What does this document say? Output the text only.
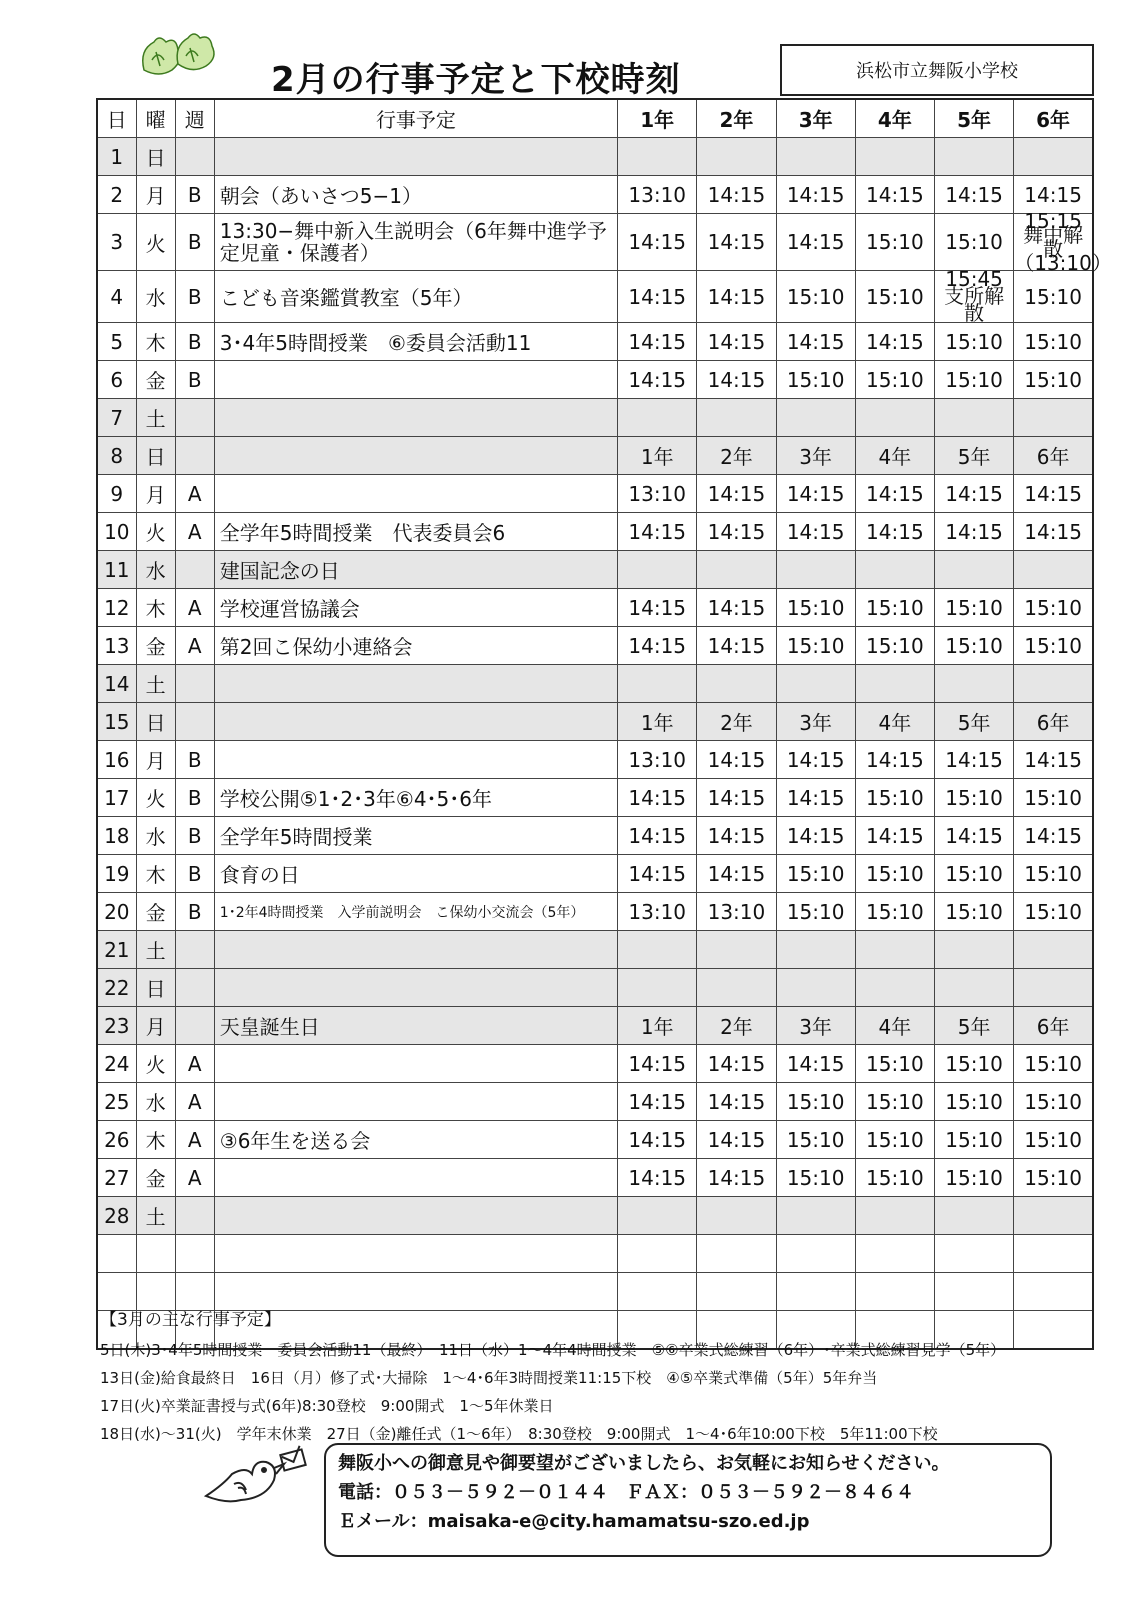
2月の行事予定と下校時刻	浜松市立舞阪小学校
日	曜	週	行事予定	1年	2年	3年	4年	5年	6年
1	日								
2	月	B	朝会（あいさつ5−1）	13:10	14:15	14:15	14:15	14:15	14:15
3	火	B	13:30−舞中新入生説明会（6年舞中進学予定児童・保護者）	14:15	14:15	14:15	15:10	15:10	15:15 舞中解散 （13:10）
4	水	B	こども音楽鑑賞教室（5年）	14:15	14:15	15:10	15:10	15:45 支所解散	15:10
5	木	B	3･4年5時間授業　⑥委員会活動11	14:15	14:15	14:15	14:15	15:10	15:10
6	金	B		14:15	14:15	15:10	15:10	15:10	15:10
7	土								
8	日			1年	2年	3年	4年	5年	6年
9	月	A		13:10	14:15	14:15	14:15	14:15	14:15
10	火	A	全学年5時間授業　代表委員会6	14:15	14:15	14:15	14:15	14:15	14:15
11	水		建国記念の日						
12	木	A	学校運営協議会	14:15	14:15	15:10	15:10	15:10	15:10
13	金	A	第2回こ保幼小連絡会	14:15	14:15	15:10	15:10	15:10	15:10
14	土								
15	日			1年	2年	3年	4年	5年	6年
16	月	B		13:10	14:15	14:15	14:15	14:15	14:15
17	火	B	学校公開⑤1･2･3年⑥4･5･6年	14:15	14:15	14:15	15:10	15:10	15:10
18	水	B	全学年5時間授業	14:15	14:15	14:15	14:15	14:15	14:15
19	木	B	食育の日	14:15	14:15	15:10	15:10	15:10	15:10
20	金	B	1･2年4時間授業　入学前説明会　こ保幼小交流会（5年）	13:10	13:10	15:10	15:10	15:10	15:10
21	土								
22	日								
23	月		天皇誕生日	1年	2年	3年	4年	5年	6年
24	火	A		14:15	14:15	14:15	15:10	15:10	15:10
25	水	A		14:15	14:15	15:10	15:10	15:10	15:10
26	木	A	③6年生を送る会	14:15	14:15	15:10	15:10	15:10	15:10
27	金	A		14:15	14:15	15:10	15:10	15:10	15:10
28	土								

【3月の主な行事予定】
5日(木)3･4年5時間授業　委員会活動11（最終）　11日（水）1～4年4時間授業　⑤⑥卒業式総練習（6年）･卒業式総練習見学（5年）
13日(金)給食最終日　16日（月）修了式･大掃除　1～4･6年3時間授業11:15下校　④⑤卒業式準備（5年）5年弁当
17日(火)卒業証書授与式(6年)8:30登校　9:00開式　1～5年休業日
18日(水)～31(火)　学年末休業　27日（金)離任式（1～6年）　8:30登校　9:00開式　1～4･6年10:00下校　5年11:00下校
舞阪小への御意見や御要望がございましたら、お気軽にお知らせください。
電話：０５３－５９２－０１４４　ＦＡＸ：０５３－５９２－８４６４
Ｅメール：maisaka-e@city.hamamatsu-szo.ed.jp
